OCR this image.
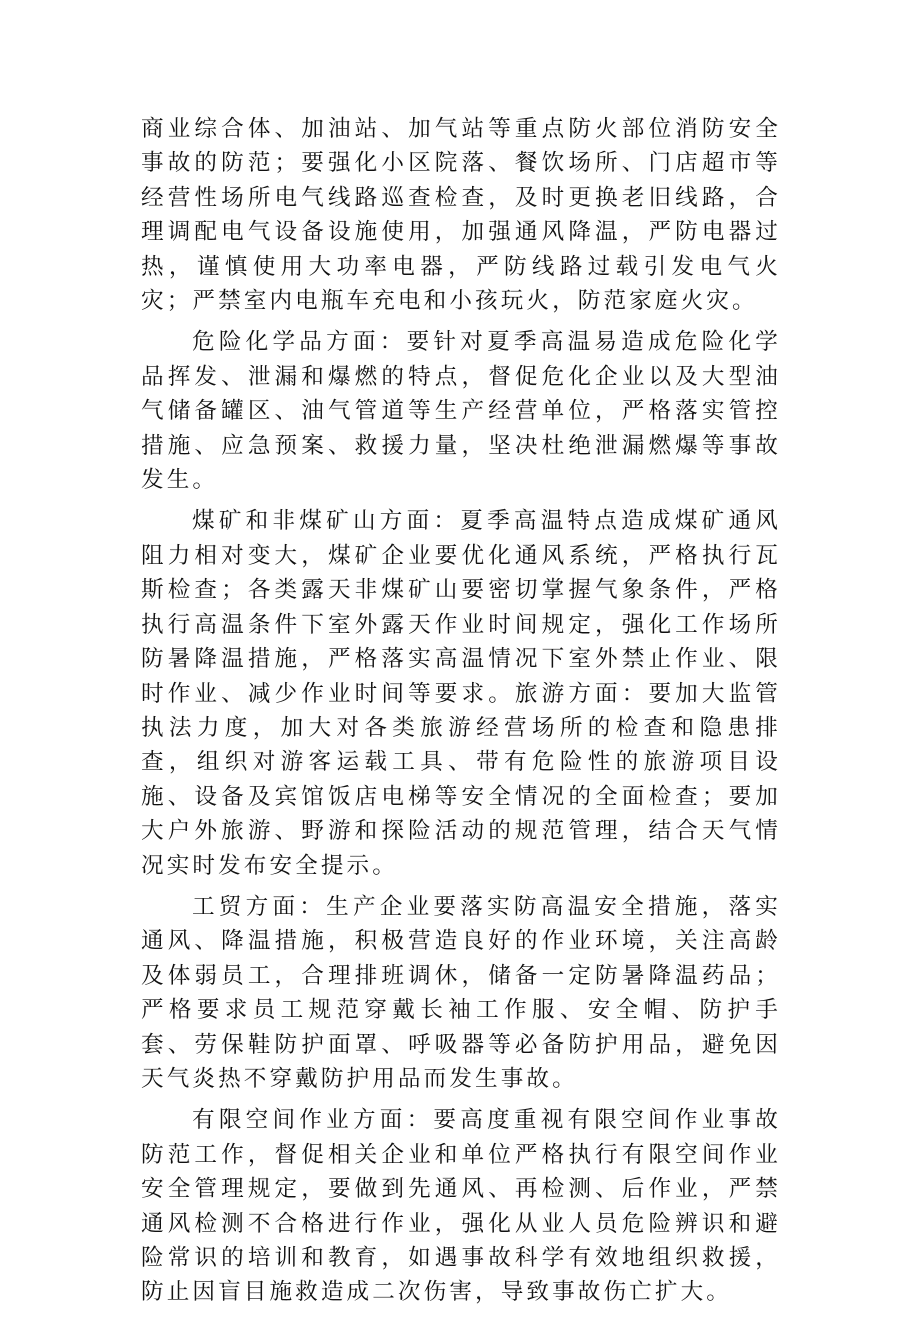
商业综合体、加油站、加气站等重点防火部位消防安全事故的防范；要强化小区院落、餐饮场所、门店超市等经营性场所电气线路巡查检查，及时更换老旧线路，合理调配电气设备设施使用，加强通风降温，严防电器过热，谨慎使用大功率电器，严防线路过载引发电气火灾；严禁室内电瓶车充电和小孩玩火，防范家庭火灾。

危险化学品方面：要针对夏季高温易造成危险化学品挥发、泄漏和爆燃的特点，督促危化企业以及大型油气储备罐区、油气管道等生产经营单位，严格落实管控措施、应急预案、救援力量，坚决杜绝泄漏燃爆等事故发生。

煤矿和非煤矿山方面：夏季高温特点造成煤矿通风阻力相对变大，煤矿企业要优化通风系统，严格执行瓦斯检查；各类露天非煤矿山要密切掌握气象条件，严格执行高温条件下室外露天作业时间规定，强化工作场所防暑降温措施，严格落实高温情况下室外禁止作业、限时作业、减少作业时间等要求。旅游方面：要加大监管执法力度，加大对各类旅游经营场所的检查和隐患排查，组织对游客运载工具、带有危险性的旅游项目设施、设备及宾馆饭店电梯等安全情况的全面检查；要加大户外旅游、野游和探险活动的规范管理，结合天气情况实时发布安全提示。

工贸方面：生产企业要落实防高温安全措施，落实通风、降温措施，积极营造良好的作业环境，关注高龄及体弱员工，合理排班调休，储备一定防暑降温药品；严格要求员工规范穿戴长袖工作服、安全帽、防护手套、劳保鞋防护面罩、呼吸器等必备防护用品，避免因天气炎热不穿戴防护用品而发生事故。

有限空间作业方面：要高度重视有限空间作业事故防范工作，督促相关企业和单位严格执行有限空间作业安全管理规定，要做到先通风、再检测、后作业，严禁通风检测不合格进行作业，强化从业人员危险辨识和避险常识的培训和教育，如遇事故科学有效地组织救援，防止因盲目施救造成二次伤害，导致事故伤亡扩大。
